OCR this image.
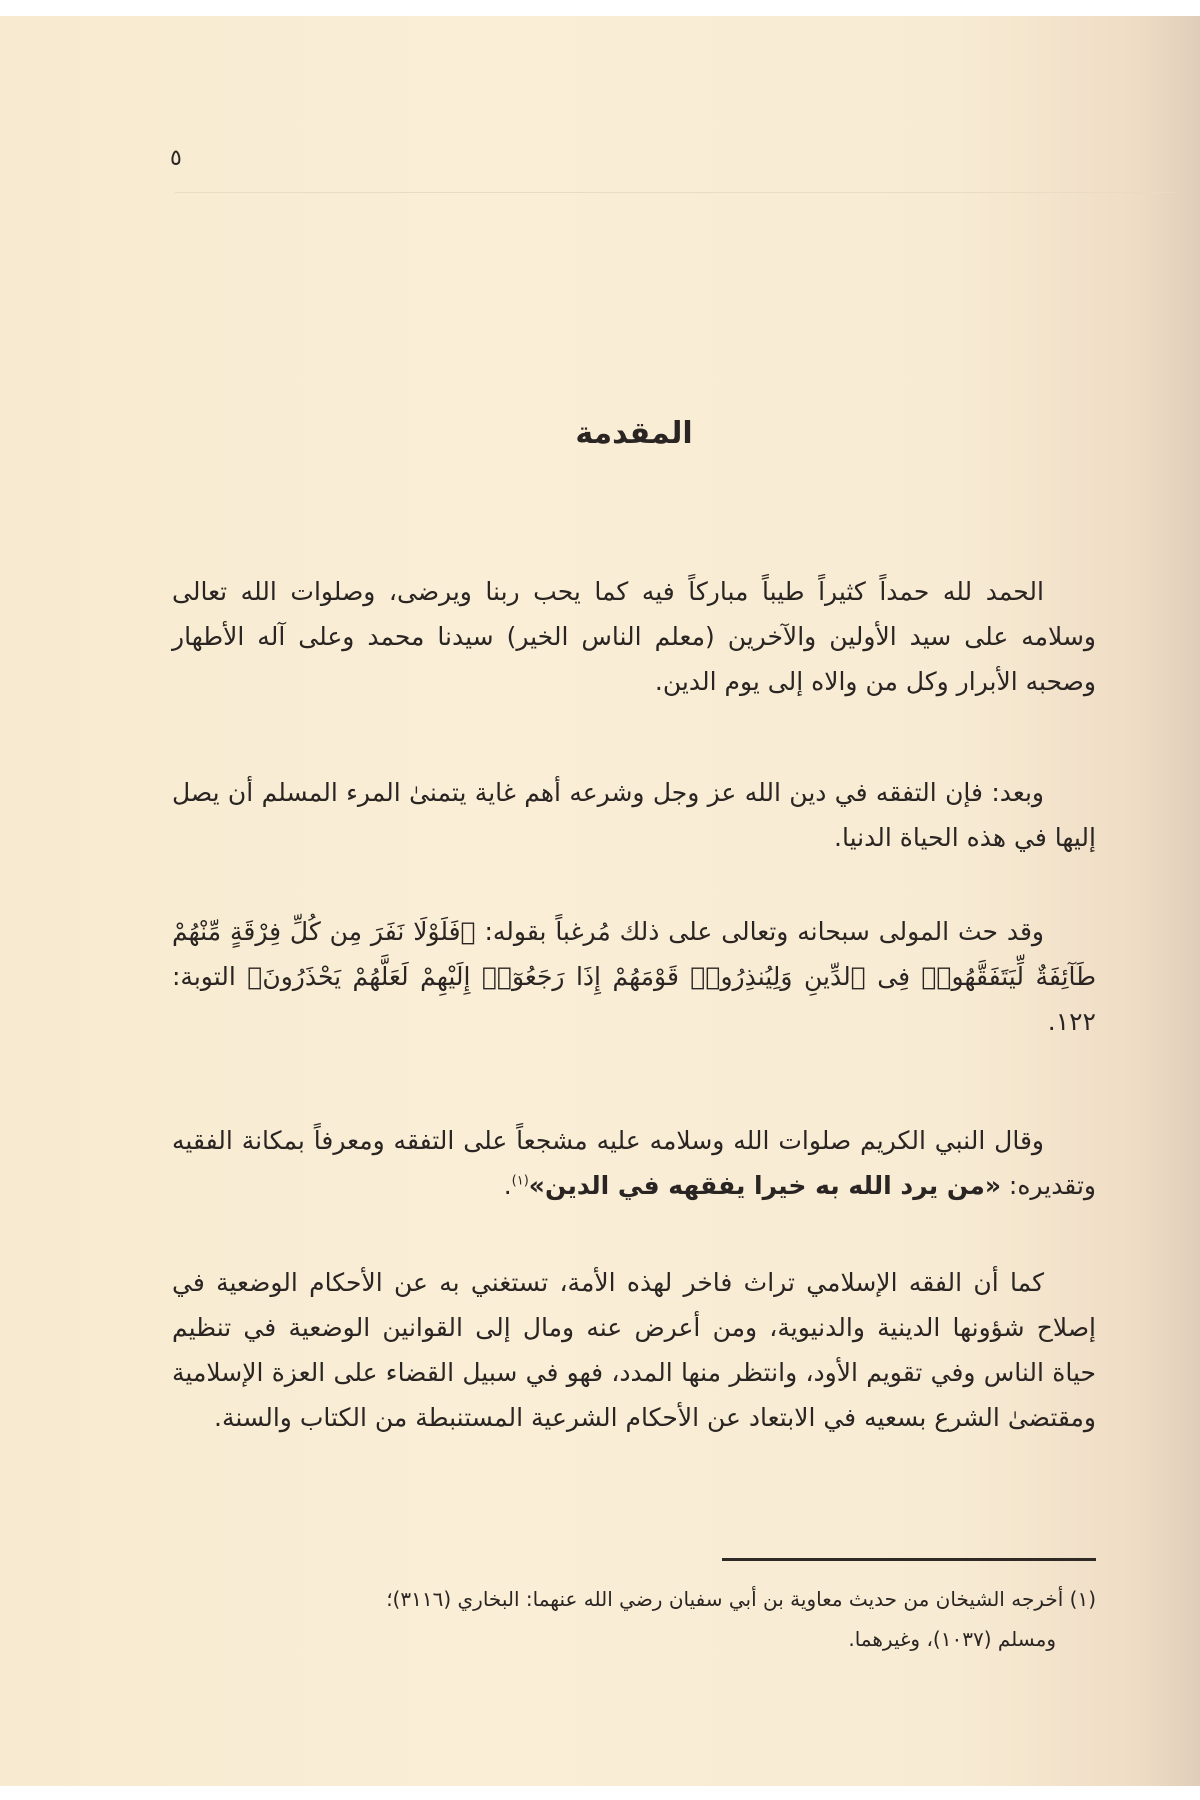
٥
المقدمة

الحمد لله حمداً كثيراً طيباً مباركاً فيه كما يحب ربنا ويرضى، وصلوات الله تعالى وسلامه على سيد الأولين والآخرين (معلم الناس الخير) سيدنا محمد وعلى آله الأطهار وصحبه الأبرار وكل من والاه إلى يوم الدين.

وبعد: فإن التفقه في دين الله عز وجل وشرعه أهم غاية يتمنىٰ المرء المسلم أن يصل إليها في هذه الحياة الدنيا.

وقد حث المولى سبحانه وتعالى على ذلك مُرغباً بقوله: ﴿فَلَوْلَا نَفَرَ مِن كُلِّ فِرْقَةٍ مِّنْهُمْ طَآئِفَةٌ لِّيَتَفَقَّهُوا۟ فِى ٱلدِّينِ وَلِيُنذِرُوا۟ قَوْمَهُمْ إِذَا رَجَعُوٓا۟ إِلَيْهِمْ لَعَلَّهُمْ يَحْذَرُونَ﴾ التوبة: ١٢٢.

وقال النبي الكريم صلوات الله وسلامه عليه مشجعاً على التفقه ومعرفاً بمكانة الفقيه وتقديره: «من يرد الله به خيرا يفقهه في الدين»$^{(١)}$.

كما أن الفقه الإسلامي تراث فاخر لهذه الأمة، تستغني به عن الأحكام الوضعية في إصلاح شؤونها الدينية والدنيوية، ومن أعرض عنه ومال إلى القوانين الوضعية في تنظيم حياة الناس وفي تقويم الأود، وانتظر منها المدد، فهو في سبيل القضاء على العزة الإسلامية ومقتضىٰ الشرع بسعيه في الابتعاد عن الأحكام الشرعية المستنبطة من الكتاب والسنة.

(١) أخرجه الشيخان من حديث معاوية بن أبي سفيان رضي الله عنهما: البخاري (٣١١٦)؛
ومسلم (١٠٣٧)، وغيرهما.
